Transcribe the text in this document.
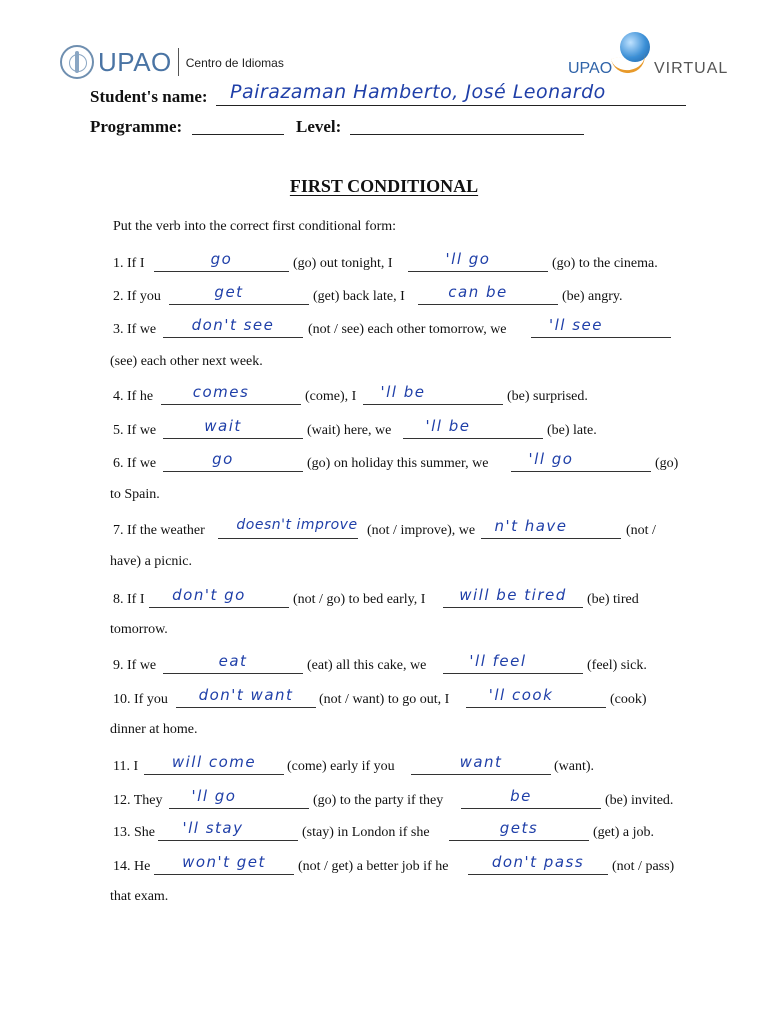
UPAO Centro de Idiomas	UPAO	VIRTUAL
Student's name: Pairazaman Hamberto, José Leonardo
Programme:	Level:
FIRST CONDITIONAL
Put the verb into the correct first conditional form:
1. If I	go	(go) out tonight, I	'll go	(go) to the cinema.
2. If you	get	(get) back late, I	can be	(be) angry.
3. If we	don't see	(not / see) each other tomorrow, we	'll see
(see) each other next week.
4. If he	comes	(come), I	'll be	(be) surprised.
5. If we	wait	(wait) here, we	'll be	(be) late.
6. If we	go	(go) on holiday this summer, we	'll go	(go)
to Spain.
7. If the weather	doesn't improve (not / improve), we	n't have	(not /
have) a picnic.
8. If I	don't go	(not / go) to bed early, I	will be tired	(be) tired
tomorrow.
9. If we	eat	(eat) all this cake, we	'll feel	(feel) sick.
10. If you	don't want	(not / want) to go out, I	'll cook	(cook)
dinner at home.
11. I	will come	(come) early if you	want	(want).
12. They	'll go	(go) to the party if they	be	(be) invited.
13. She	'll stay	(stay) in London if she	gets	(get) a job.
14. He	won't get	(not / get) a better job if he	don't pass	(not / pass)
that exam.
